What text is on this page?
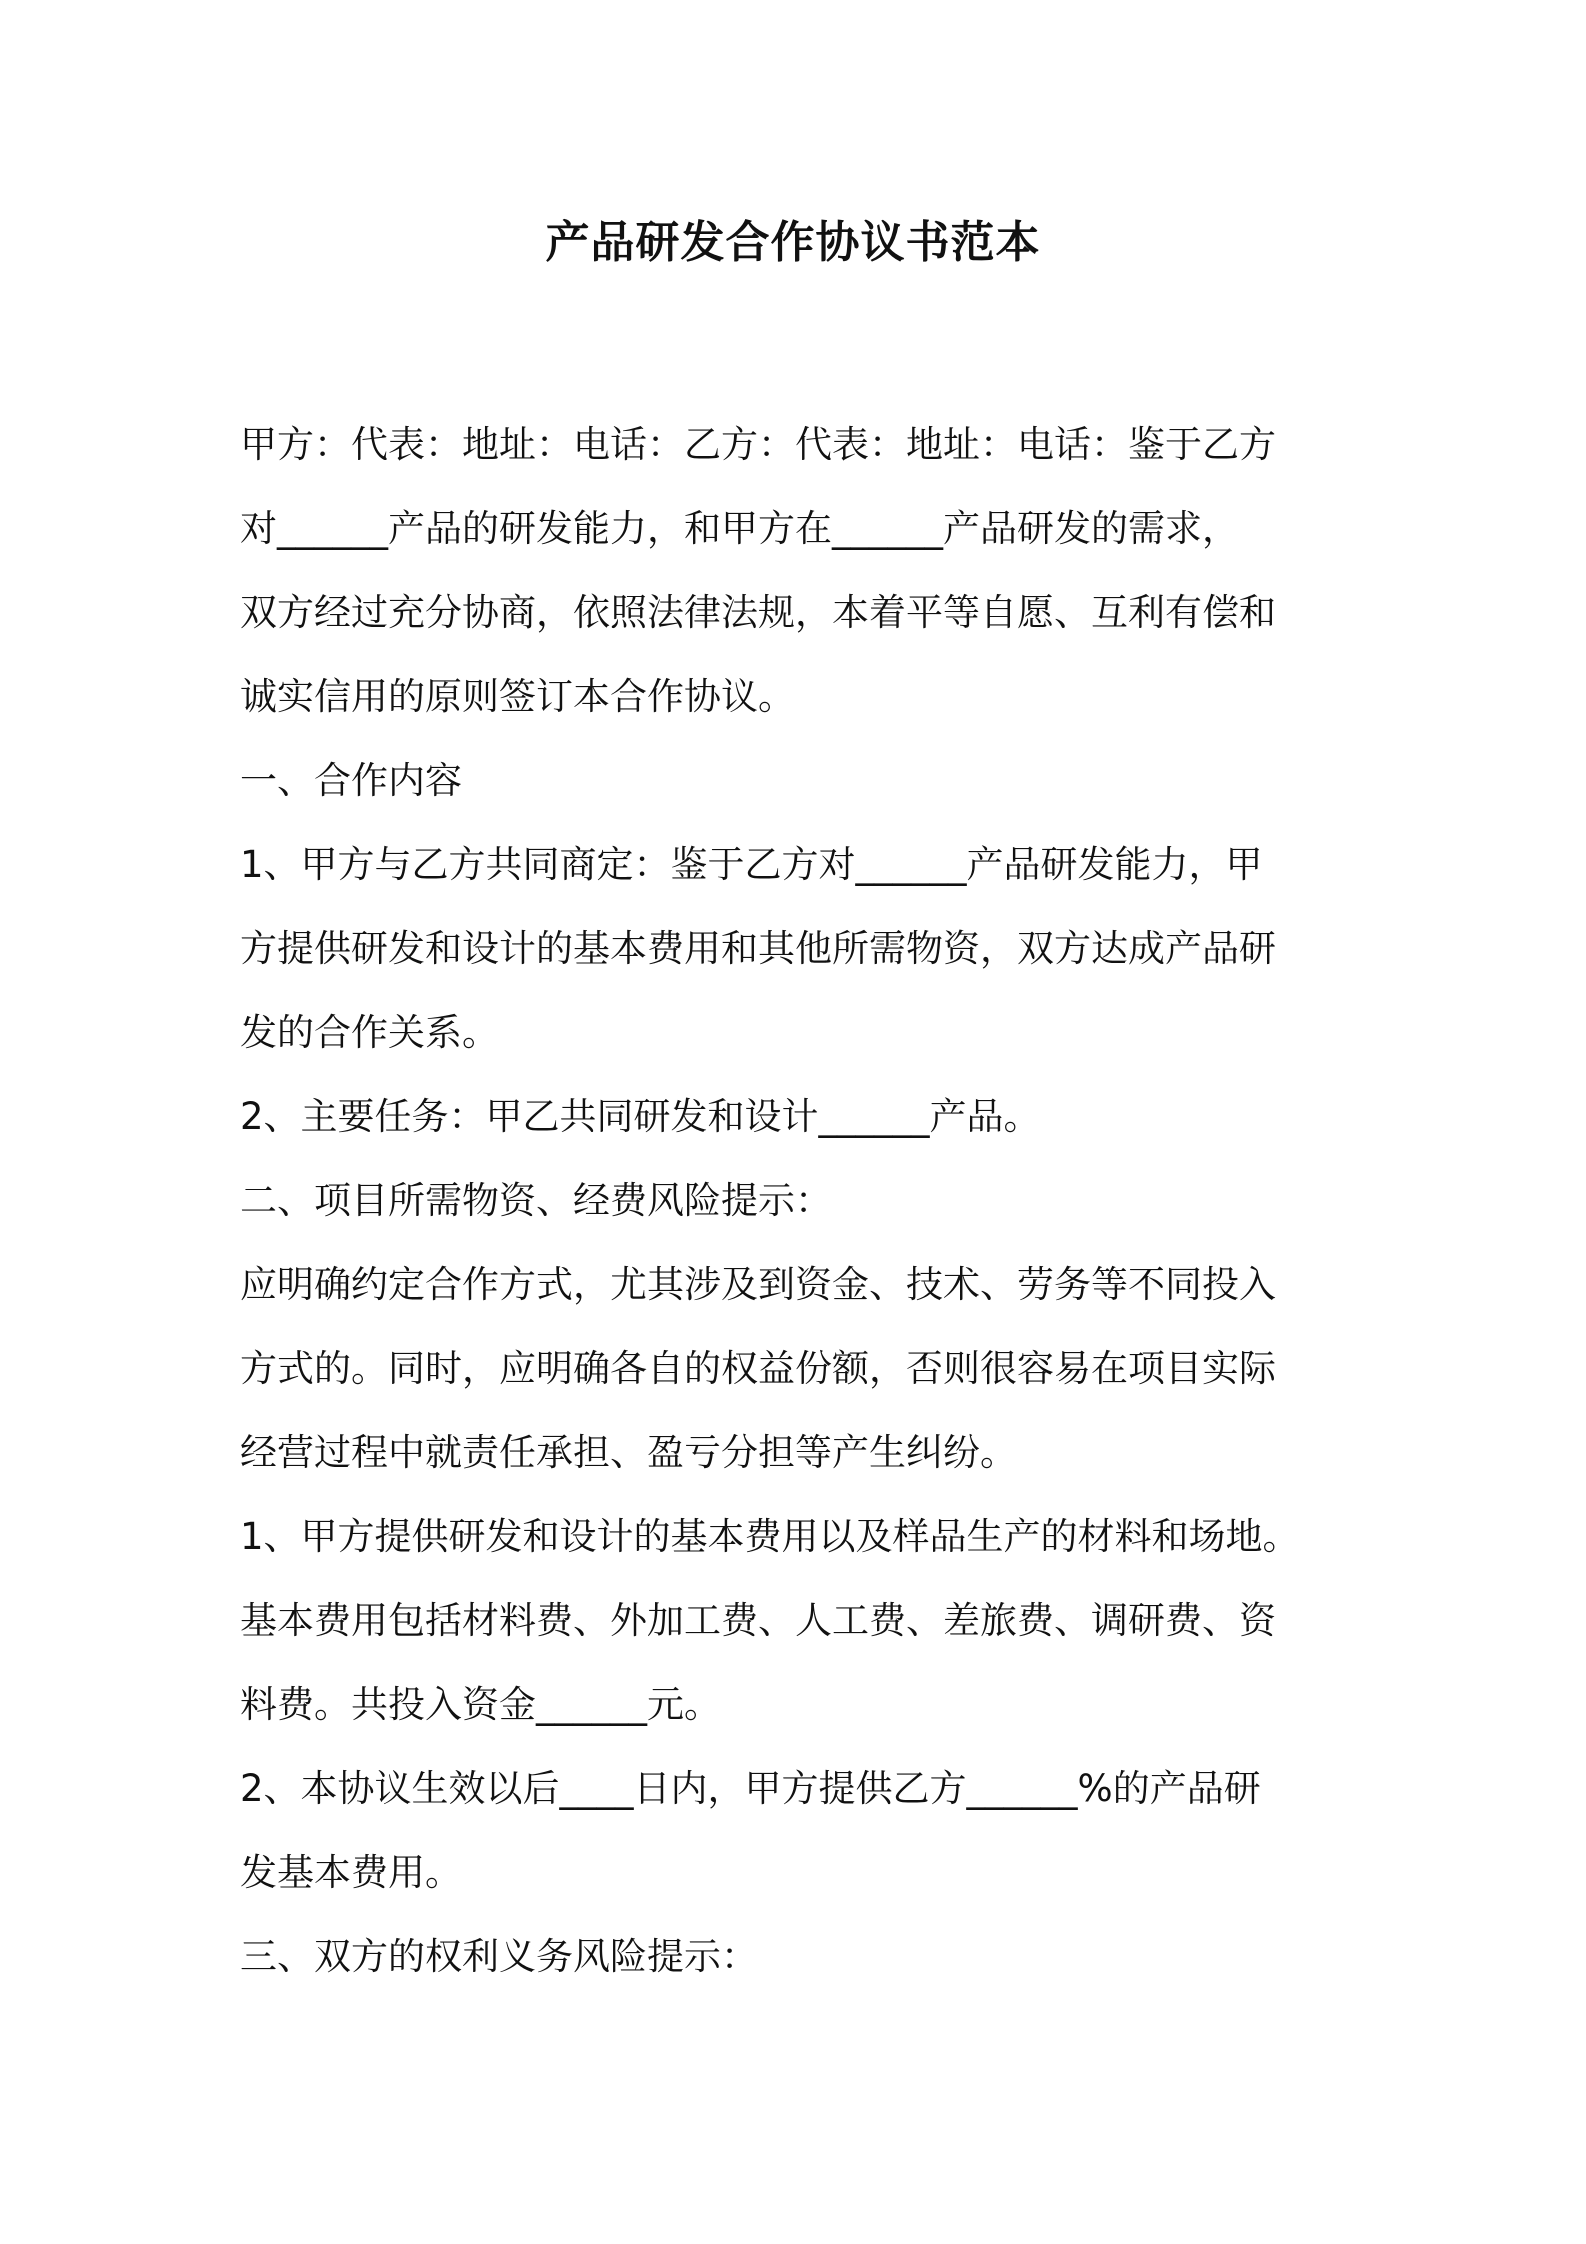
产品研发合作协议书范本

甲方：代表：地址：电话：乙方：代表：地址：电话：鉴于乙方

对______产品的研发能力，和甲方在______产品研发的需求，

双方经过充分协商，依照法律法规，本着平等自愿、互利有偿和

诚实信用的原则签订本合作协议。

一、合作内容

1、甲方与乙方共同商定：鉴于乙方对______产品研发能力，甲

方提供研发和设计的基本费用和其他所需物资，双方达成产品研

发的合作关系。

2、主要任务：甲乙共同研发和设计______产品。

二、项目所需物资、经费风险提示：

应明确约定合作方式，尤其涉及到资金、技术、劳务等不同投入

方式的。同时，应明确各自的权益份额，否则很容易在项目实际

经营过程中就责任承担、盈亏分担等产生纠纷。

1、甲方提供研发和设计的基本费用以及样品生产的材料和场地。

基本费用包括材料费、外加工费、人工费、差旅费、调研费、资

料费。共投入资金______元。

2、本协议生效以后____日内，甲方提供乙方______%的产品研

发基本费用。

三、双方的权利义务风险提示：
